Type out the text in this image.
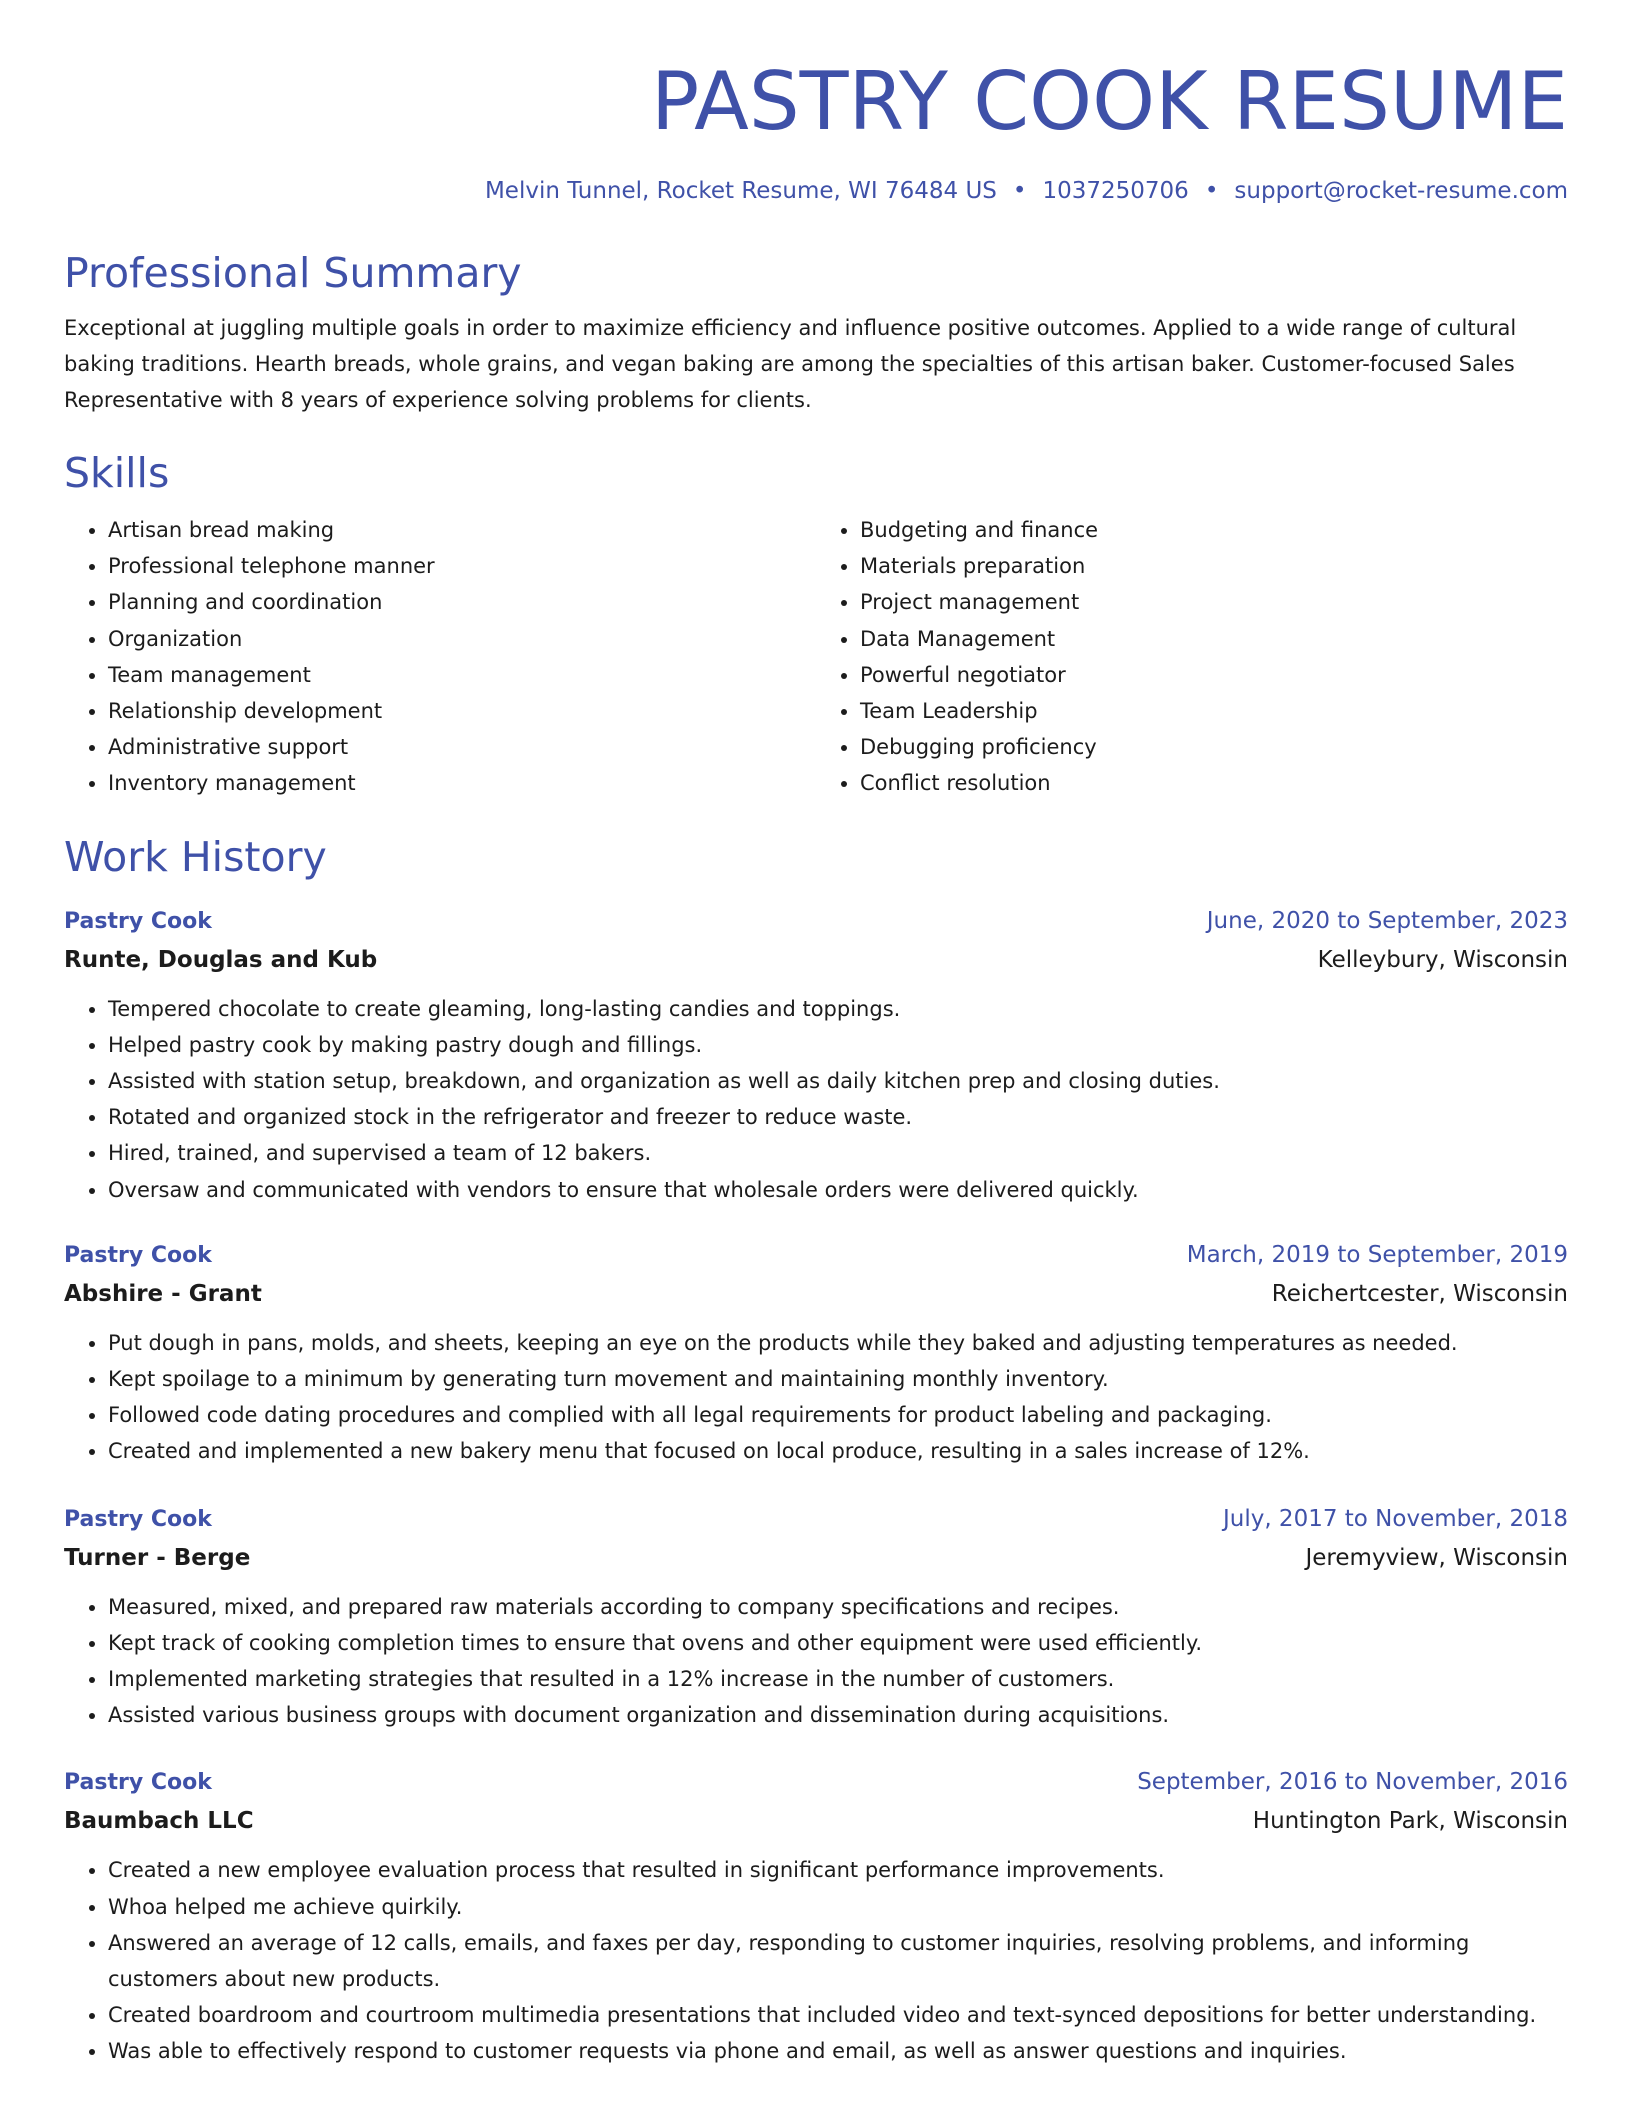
PASTRY COOK RESUME
Melvin Tunnel, Rocket Resume, WI 76484 US • 1037250706 • support@rocket-resume.com
Professional Summary
Exceptional at juggling multiple goals in order to maximize efficiency and influence positive outcomes. Applied to a wide range of cultural baking traditions. Hearth breads, whole grains, and vegan baking are among the specialties of this artisan baker. Customer-focused Sales Representative with 8 years of experience solving problems for clients.
Skills
• Artisan bread making
• Professional telephone manner
• Planning and coordination
• Organization
• Team management
• Relationship development
• Administrative support
• Inventory management
• Budgeting and finance
• Materials preparation
• Project management
• Data Management
• Powerful negotiator
• Team Leadership
• Debugging proficiency
• Conflict resolution
Work History
Pastry Cook	June, 2020 to September, 2023
Runte, Douglas and Kub	Kelleybury, Wisconsin
• Tempered chocolate to create gleaming, long-lasting candies and toppings.
• Helped pastry cook by making pastry dough and fillings.
• Assisted with station setup, breakdown, and organization as well as daily kitchen prep and closing duties.
• Rotated and organized stock in the refrigerator and freezer to reduce waste.
• Hired, trained, and supervised a team of 12 bakers.
• Oversaw and communicated with vendors to ensure that wholesale orders were delivered quickly.
Pastry Cook	March, 2019 to September, 2019
Abshire - Grant	Reichertcester, Wisconsin
• Put dough in pans, molds, and sheets, keeping an eye on the products while they baked and adjusting temperatures as needed.
• Kept spoilage to a minimum by generating turn movement and maintaining monthly inventory.
• Followed code dating procedures and complied with all legal requirements for product labeling and packaging.
• Created and implemented a new bakery menu that focused on local produce, resulting in a sales increase of 12%.
Pastry Cook	July, 2017 to November, 2018
Turner - Berge	Jeremyview, Wisconsin
• Measured, mixed, and prepared raw materials according to company specifications and recipes.
• Kept track of cooking completion times to ensure that ovens and other equipment were used efficiently.
• Implemented marketing strategies that resulted in a 12% increase in the number of customers.
• Assisted various business groups with document organization and dissemination during acquisitions.
Pastry Cook	September, 2016 to November, 2016
Baumbach LLC	Huntington Park, Wisconsin
• Created a new employee evaluation process that resulted in significant performance improvements.
• Whoa helped me achieve quirkily.
• Answered an average of 12 calls, emails, and faxes per day, responding to customer inquiries, resolving problems, and informing customers about new products.
• Created boardroom and courtroom multimedia presentations that included video and text-synced depositions for better understanding.
• Was able to effectively respond to customer requests via phone and email, as well as answer questions and inquiries.
